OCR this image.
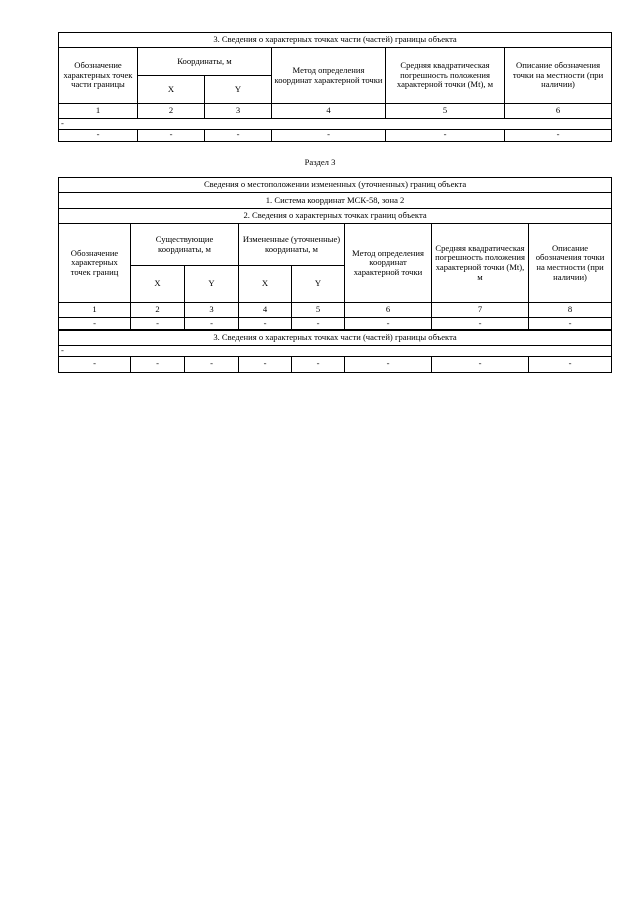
3. Сведения о характерных точках части (частей) границы объекта					
Обозначение характерных точек части границы	Координаты, м		Метод определения координат характерной точки	Средняя квадратическая погрешность положения характерной точки (Mt), м	Описание обозначения точки на местности (при наличии)
	X	Y			
1	2	3	4	5	6
-					
-	-	-	-	-	-
Раздел 3
Сведения о местоположении измененных (уточненных) границ объекта							
1. Система координат МСК-58, зона 2							
2. Сведения о характерных точках границ объекта							
Обозначение характерных точек границ	Существующие координаты, м		Измененные (уточненные) координаты, м		Метод определения координат характерной точки	Средняя квадратическая погрешность положения характерной точки (Mt), м	Описание обозначения точки на местности (при наличии)
	X	Y	X	Y			
1	2	3	4	5	6	7	8
-	-	-	-	-	-	-	-
3. Сведения о характерных точках части (частей) границы объекта							
-							
-	-	-	-	-	-	-	-
